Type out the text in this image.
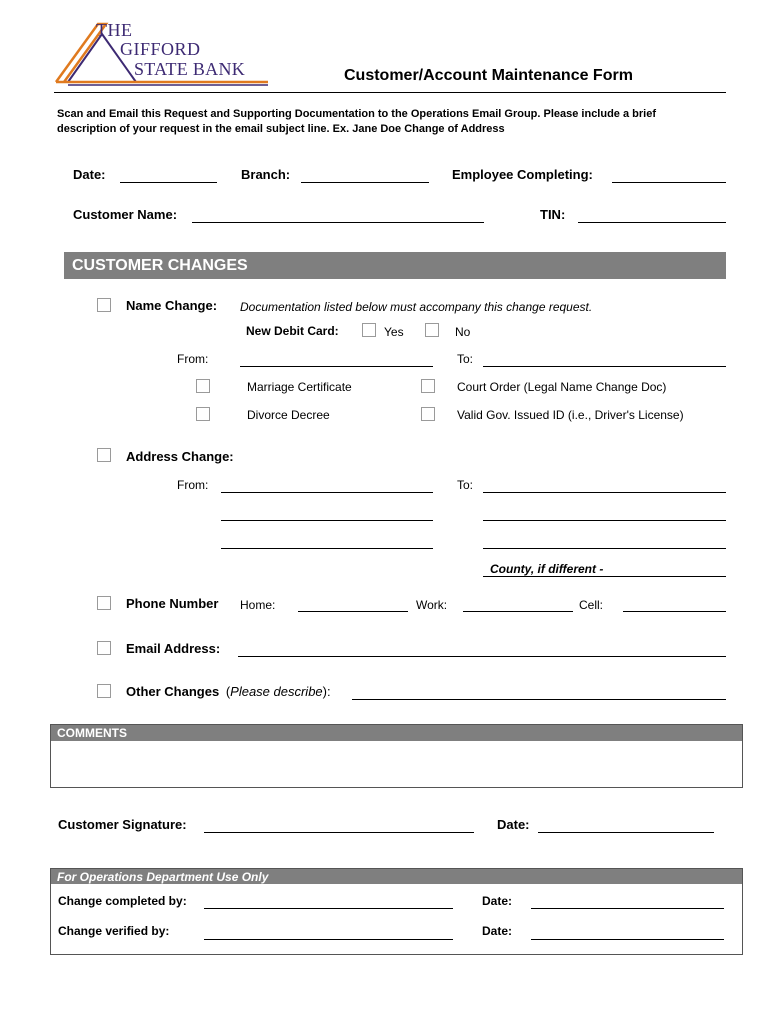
THE
GIFFORD
STATE BANK	Customer/Account Maintenance Form
Scan and Email this Request and Supporting Documentation to the Operations Email Group. Please include a brief
description of your request in the email subject line. Ex. Jane Doe Change of Address
Date:	Branch:	Employee Completing:
Customer Name:	TIN:
CUSTOMER CHANGES
Name Change: Documentation listed below must accompany this change request.
New Debit Card:	Yes	No
From:	To:
Marriage Certificate	Court Order (Legal Name Change Doc)
Divorce Decree	Valid Gov. Issued ID (i.e., Driver's License)
Address Change:
From:	To:
County, if different -
Phone Number Home:	Work:	Cell:
Email Address:
Other Changes (Please describe):
COMMENTS
Customer Signature:	Date:
For Operations Department Use Only
Change completed by:	Date:
Change verified by:	Date:
